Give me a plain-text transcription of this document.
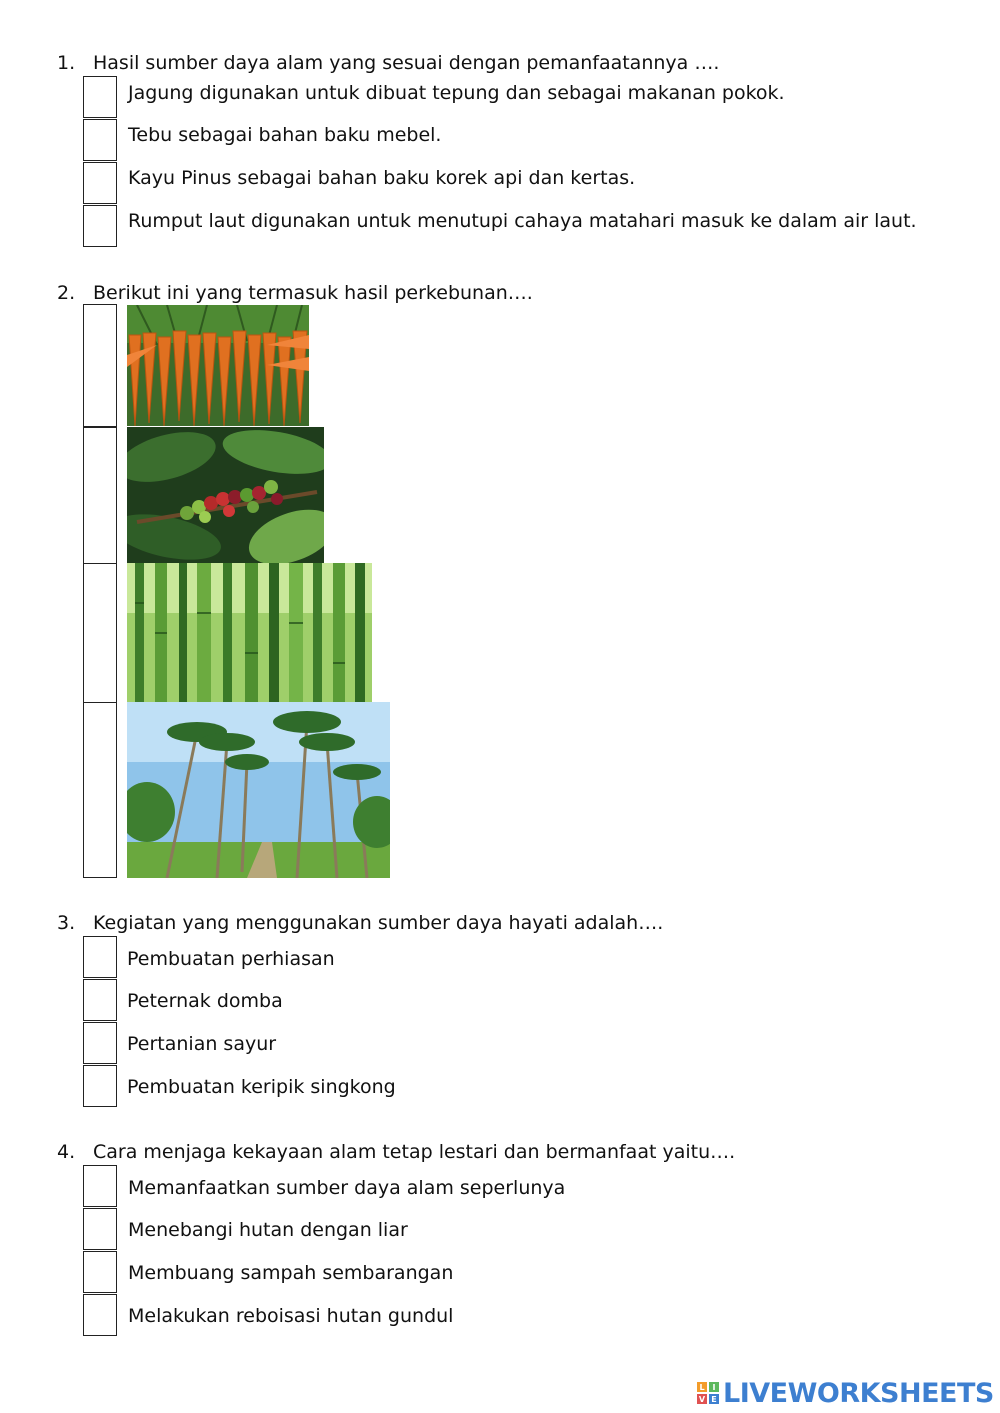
1. Hasil sumber daya alam yang sesuai dengan pemanfaatannya ….
Jagung digunakan untuk dibuat tepung dan sebagai makanan pokok.
Tebu sebagai bahan baku mebel.
Kayu Pinus sebagai bahan baku korek api dan kertas.
Rumput laut digunakan untuk menutupi cahaya matahari masuk ke dalam air laut.
2. Berikut ini yang termasuk hasil perkebunan….
3. Kegiatan yang menggunakan sumber daya hayati adalah….
Pembuatan perhiasan
Peternak domba
Pertanian sayur
Pembuatan keripik singkong
4. Cara menjaga kekayaan alam tetap lestari dan bermanfaat yaitu….
Memanfaatkan sumber daya alam seperlunya
Menebangi hutan dengan liar
Membuang sampah sembarangan
Melakukan reboisasi hutan gundul
L I
V E LIVEWORKSHEETS
